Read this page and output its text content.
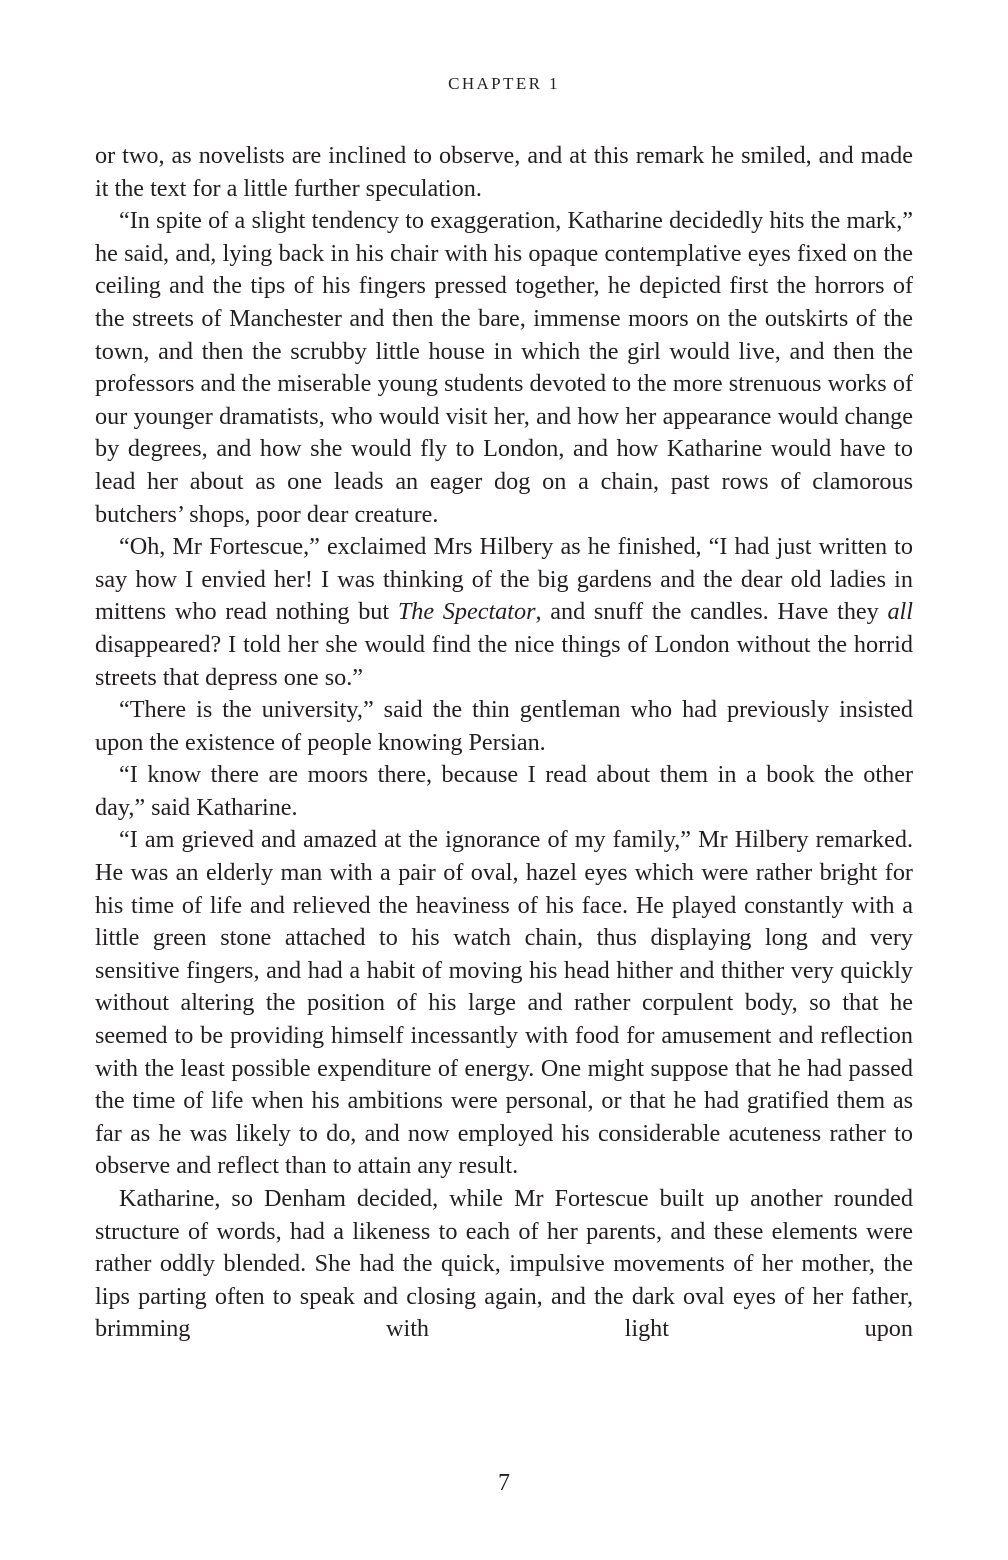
CHAPTER 1

or two, as novelists are inclined to observe, and at this remark he smiled, and made it the text for a little further speculation.

“In spite of a slight tendency to exaggeration, Katharine decidedly hits the mark,” he said, and, lying back in his chair with his opaque contemplative eyes fixed on the ceiling and the tips of his fingers pressed together, he depicted first the horrors of the streets of Manchester and then the bare, immense moors on the outskirts of the town, and then the scrubby little house in which the girl would live, and then the professors and the miserable young students devoted to the more strenuous works of our younger dramatists, who would visit her, and how her appearance would change by degrees, and how she would fly to London, and how Katharine would have to lead her about as one leads an eager dog on a chain, past rows of clamorous butchers’ shops, poor dear creature.

“Oh, Mr Fortescue,” exclaimed Mrs Hilbery as he finished, “I had just written to say how I envied her! I was thinking of the big gardens and the dear old ladies in mittens who read nothing but The Spectator, and snuff the candles. Have they all disappeared? I told her she would find the nice things of London without the horrid streets that depress one so.”

“There is the university,” said the thin gentleman who had previously insisted upon the existence of people knowing Persian.

“I know there are moors there, because I read about them in a book the other day,” said Katharine.

“I am grieved and amazed at the ignorance of my family,” Mr Hilbery remarked. He was an elderly man with a pair of oval, hazel eyes which were rather bright for his time of life and relieved the heaviness of his face. He played constantly with a little green stone attached to his watch chain, thus displaying long and very sensitive fingers, and had a habit of moving his head hither and thither very quickly without altering the position of his large and rather corpulent body, so that he seemed to be providing himself incessantly with food for amusement and reflection with the least possible expenditure of energy. One might suppose that he had passed the time of life when his ambitions were personal, or that he had gratified them as far as he was likely to do, and now employed his considerable acuteness rather to observe and reflect than to attain any result.

Katharine, so Denham decided, while Mr Fortescue built up another rounded structure of words, had a likeness to each of her parents, and these elements were rather oddly blended. She had the quick, impulsive movements of her mother, the lips parting often to speak and closing again, and the dark oval eyes of her father, brimming with light upon

7
